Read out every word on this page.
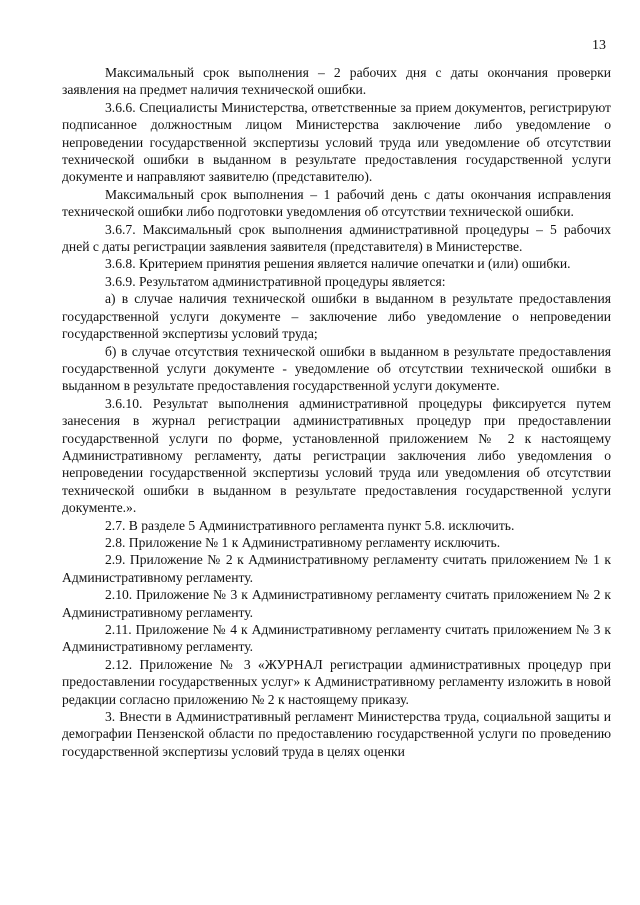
13

Максимальный срок выполнения – 2 рабочих дня с даты окончания проверки заявления на предмет наличия технической ошибки.

3.6.6. Специалисты Министерства, ответственные за прием документов, регистрируют подписанное должностным лицом Министерства заключение либо уведомление о непроведении государственной экспертизы условий труда или уведомление об отсутствии технической ошибки в выданном в результате предоставления государственной услуги документе и направляют заявителю (представителю).

Максимальный срок выполнения – 1 рабочий день с даты окончания исправления технической ошибки либо подготовки уведомления об отсутствии технической ошибки.

3.6.7. Максимальный срок выполнения административной процедуры – 5 рабочих дней с даты регистрации заявления заявителя (представителя) в Министерстве.

3.6.8. Критерием принятия решения является наличие опечатки и (или) ошибки.

3.6.9. Результатом административной процедуры является:

а) в случае наличия технической ошибки в выданном в результате предоставления государственной услуги документе – заключение либо уведомление о непроведении государственной экспертизы условий труда;

б) в случае отсутствия технической ошибки в выданном в результате предоставления государственной услуги документе - уведомление об отсутствии технической ошибки в выданном в результате предоставления государственной услуги документе.

3.6.10. Результат выполнения административной процедуры фиксируется путем занесения в журнал регистрации административных процедур при предоставлении государственной услуги по форме, установленной приложением № 2 к настоящему Административному регламенту, даты регистрации заключения либо уведомления о непроведении государственной экспертизы условий труда или уведомления об отсутствии технической ошибки в выданном в результате предоставления государственной услуги документе.».

2.7. В разделе 5 Административного регламента пункт 5.8. исключить.

2.8. Приложение № 1 к Административному регламенту исключить.

2.9. Приложение № 2 к Административному регламенту считать приложением № 1 к Административному регламенту.

2.10. Приложение № 3 к Административному регламенту считать приложением № 2 к Административному регламенту.

2.11. Приложение № 4 к Административному регламенту считать приложением № 3 к Административному регламенту.

2.12. Приложение № 3 «ЖУРНАЛ регистрации административных процедур при предоставлении государственных услуг» к Административному регламенту изложить в новой редакции согласно приложению № 2 к настоящему приказу.

3. Внести в Административный регламент Министерства труда, социальной защиты и демографии Пензенской области по предоставлению государственной услуги по проведению государственной экспертизы условий труда в целях оценки
